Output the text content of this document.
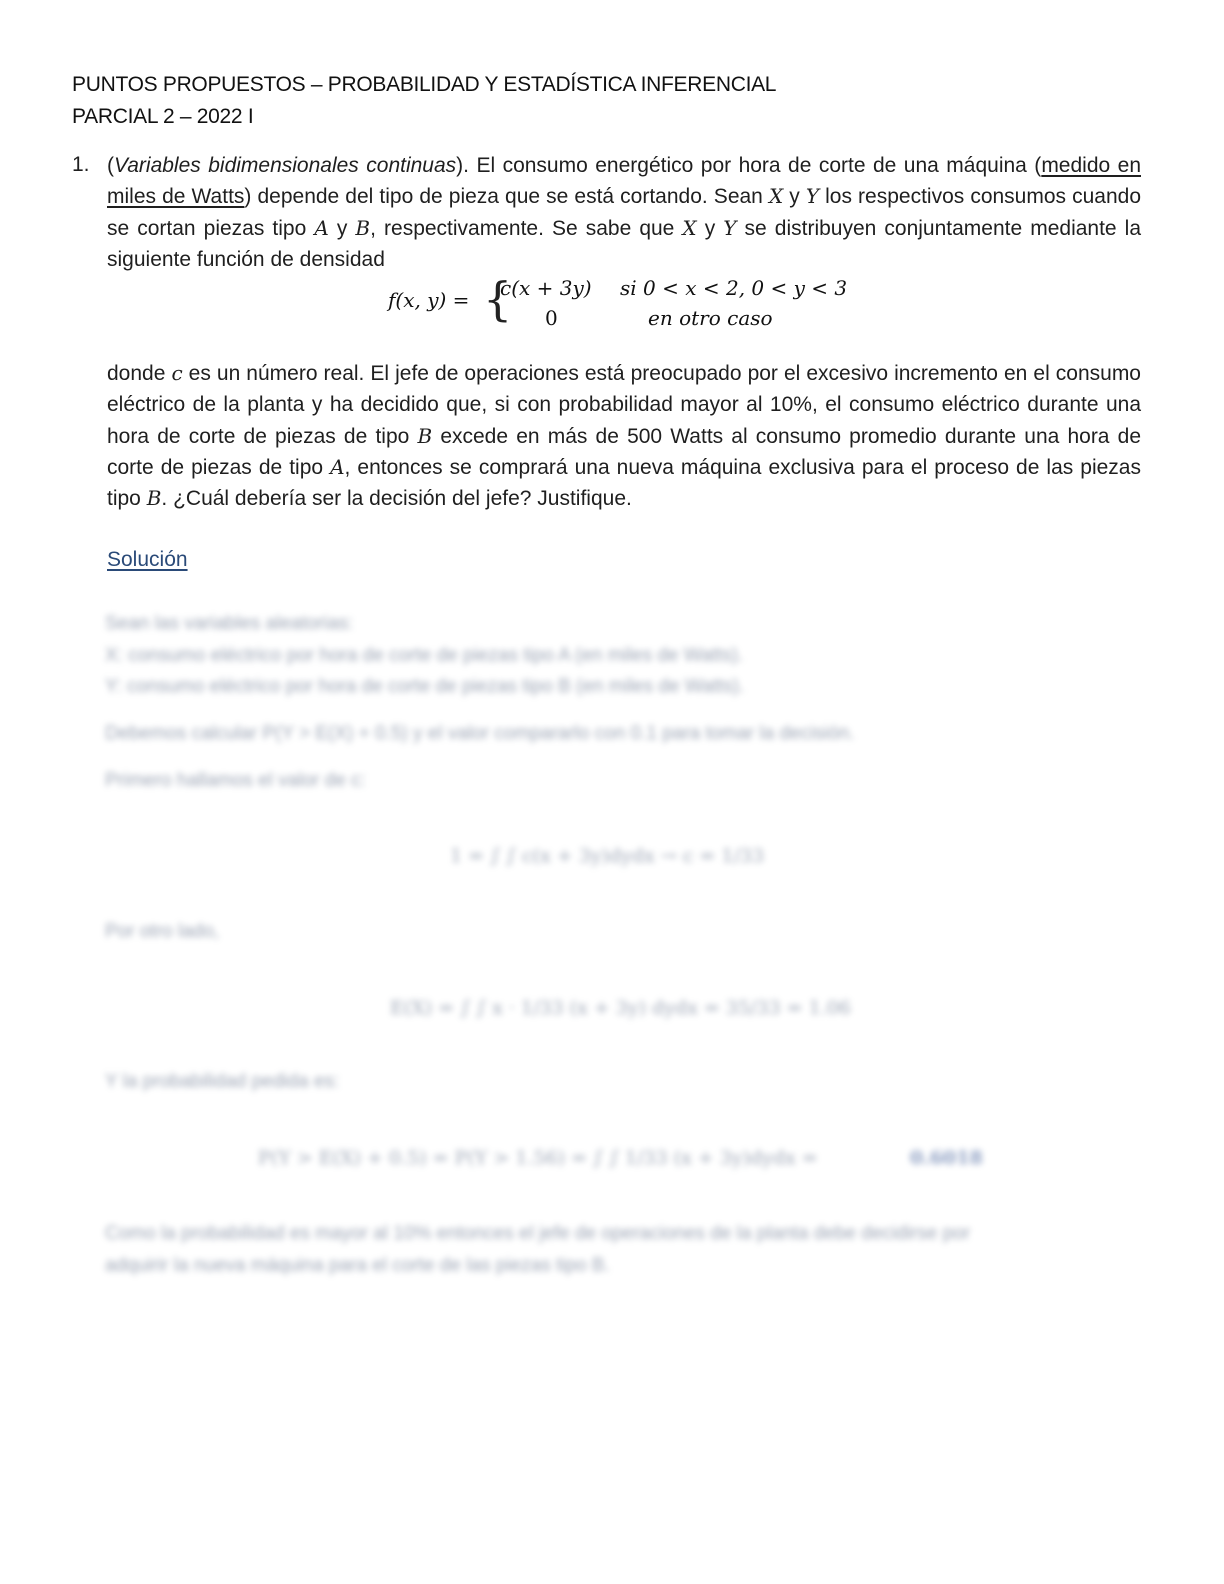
PUNTOS PROPUESTOS – PROBABILIDAD Y ESTADÍSTICA INFERENCIAL
PARCIAL 2 – 2022 I
1. (Variables bidimensionales continuas). El consumo energético por hora de corte de una máquina (medido en miles de Watts) depende del tipo de pieza que se está cortando. Sean X y Y los respectivos consumos cuando se cortan piezas tipo A y B, respectivamente. Se sabe que X y Y se distribuyen conjuntamente mediante la siguiente función de densidad
f(x, y) = {
c(x + 3y) si 0 < x < 2, 0 < y < 3
0	en otro caso
donde c es un número real. El jefe de operaciones está preocupado por el excesivo incremento en el consumo eléctrico de la planta y ha decidido que, si con probabilidad mayor al 10%, el consumo eléctrico durante una hora de corte de piezas de tipo B excede en más de 500 Watts al consumo promedio durante una hora de corte de piezas de tipo A, entonces se comprará una nueva máquina exclusiva para el proceso de las piezas tipo B. ¿Cuál debería ser la decisión del jefe? Justifique.
Solución
Sean las variables aleatorias:
X: consumo eléctrico por hora de corte de piezas tipo A (en miles de Watts).
Y: consumo eléctrico por hora de corte de piezas tipo B (en miles de Watts).
Debemos calcular P(Y > E(X) + 0.5) y el valor compararlo con 0.1 para tomar la decisión.
Primero hallamos el valor de c:
1 = ∫ ∫ c(x + 3y)dydx → c = 1/33
Por otro lado,
E(X) = ∫ ∫ x · 1/33 (x + 3y) dydx = 35/33 = 1.06
Y la probabilidad pedida es:
P(Y > E(X) + 0.5) = P(Y > 1.56) = ∫ ∫ 1/33 (x + 3y)dydx =	0.6018
Como la probabilidad es mayor al 10% entonces el jefe de operaciones de la planta debe decidirse por
adquirir la nueva máquina para el corte de las piezas tipo B.
